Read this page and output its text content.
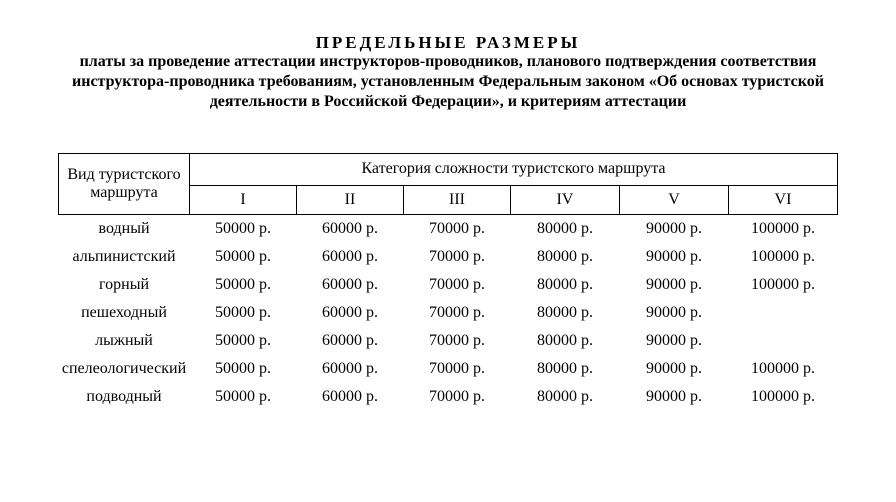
ПРЕДЕЛЬНЫЕ РАЗМЕРЫ
платы за проведение аттестации инструкторов-проводников, планового подтверждения соответствия инструктора-проводника требованиям, установленным Федеральным законом «Об основах туристской деятельности в Российской Федерации», и критериям аттестации
Вид туристского маршрута	Категория сложности туристского маршрута					
	I	II	III	IV	V	VI
водный	50000 р.	60000 р.	70000 р.	80000 р.	90000 р.	100000 р.
альпинистский	50000 р.	60000 р.	70000 р.	80000 р.	90000 р.	100000 р.
горный	50000 р.	60000 р.	70000 р.	80000 р.	90000 р.	100000 р.
пешеходный	50000 р.	60000 р.	70000 р.	80000 р.	90000 р.	
лыжный	50000 р.	60000 р.	70000 р.	80000 р.	90000 р.	
спелеологический	50000 р.	60000 р.	70000 р.	80000 р.	90000 р.	100000 р.
подводный	50000 р.	60000 р.	70000 р.	80000 р.	90000 р.	100000 р.
